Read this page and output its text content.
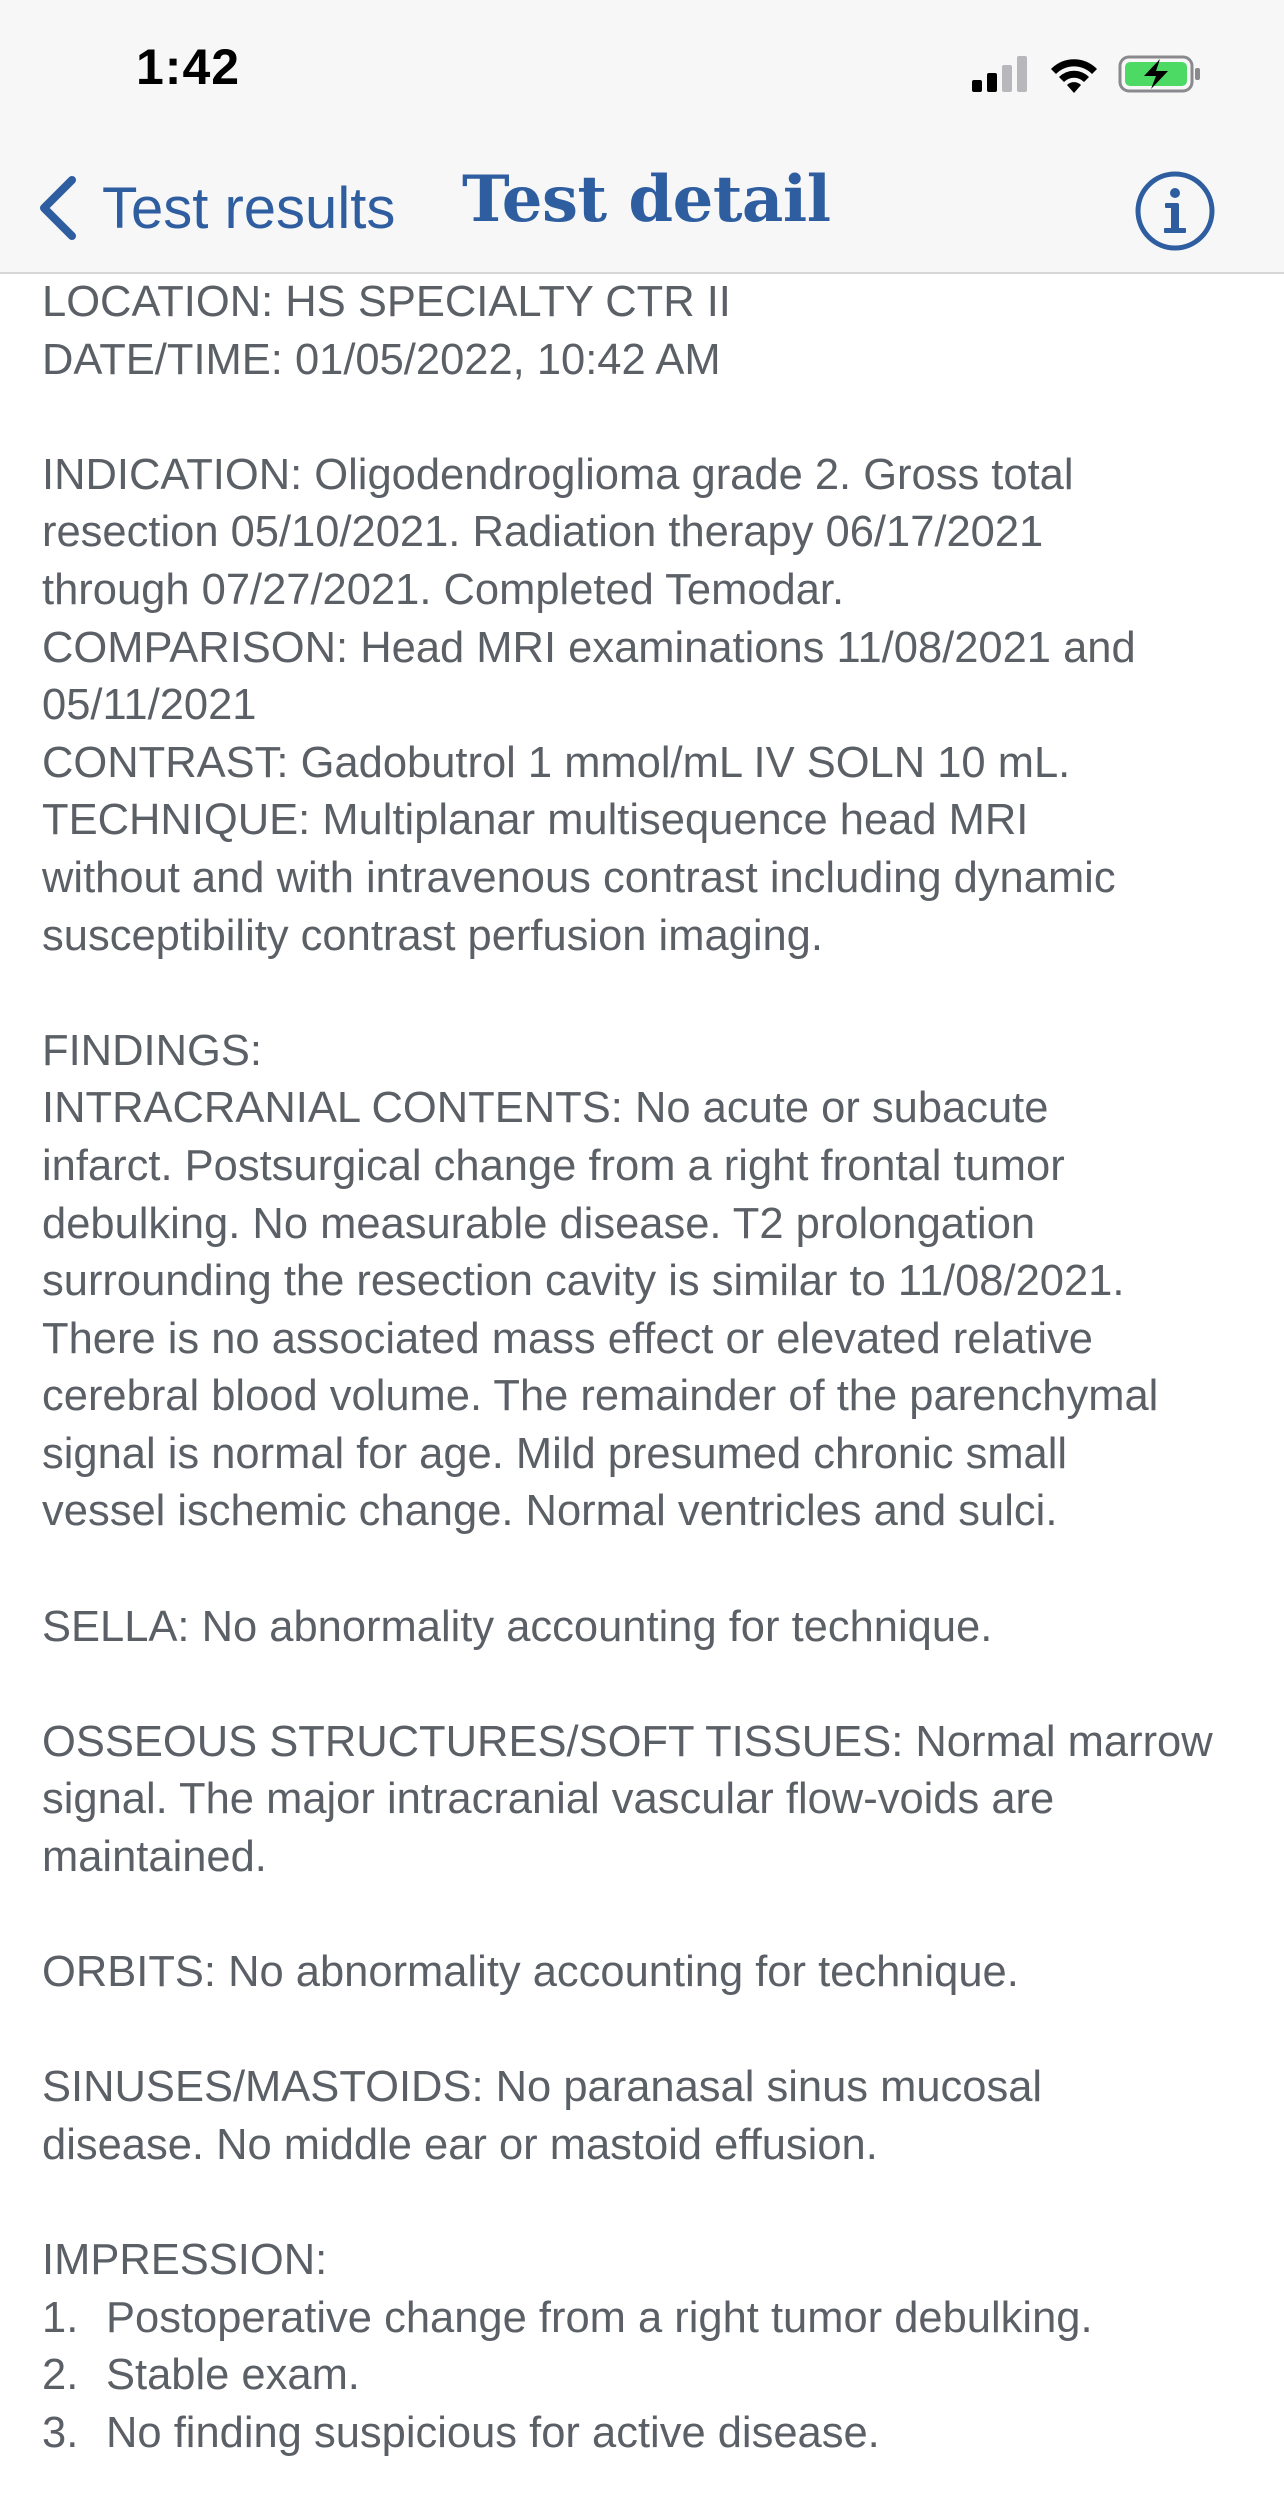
1:42
Test results Test detail
LOCATION: HS SPECIALTY CTR II
DATE/TIME: 01/05/2022, 10:42 AM
INDICATION: Oligodendroglioma grade 2. Gross total
resection 05/10/2021. Radiation therapy 06/17/2021
through 07/27/2021. Completed Temodar.
COMPARISON: Head MRI examinations 11/08/2021 and
05/11/2021
CONTRAST: Gadobutrol 1 mmol/mL IV SOLN 10 mL.
TECHNIQUE: Multiplanar multisequence head MRI
without and with intravenous contrast including dynamic
susceptibility contrast perfusion imaging.
FINDINGS:
INTRACRANIAL CONTENTS: No acute or subacute
infarct. Postsurgical change from a right frontal tumor
debulking. No measurable disease. T2 prolongation
surrounding the resection cavity is similar to 11/08/2021.
There is no associated mass effect or elevated relative
cerebral blood volume. The remainder of the parenchymal
signal is normal for age. Mild presumed chronic small
vessel ischemic change. Normal ventricles and sulci.
SELLA: No abnormality accounting for technique.
OSSEOUS STRUCTURES/SOFT TISSUES: Normal marrow
signal. The major intracranial vascular flow-voids are
maintained.
ORBITS: No abnormality accounting for technique.
SINUSES/MASTOIDS: No paranasal sinus mucosal
disease. No middle ear or mastoid effusion.
IMPRESSION:
1. Postoperative change from a right tumor debulking.
2. Stable exam.
3. No finding suspicious for active disease.
